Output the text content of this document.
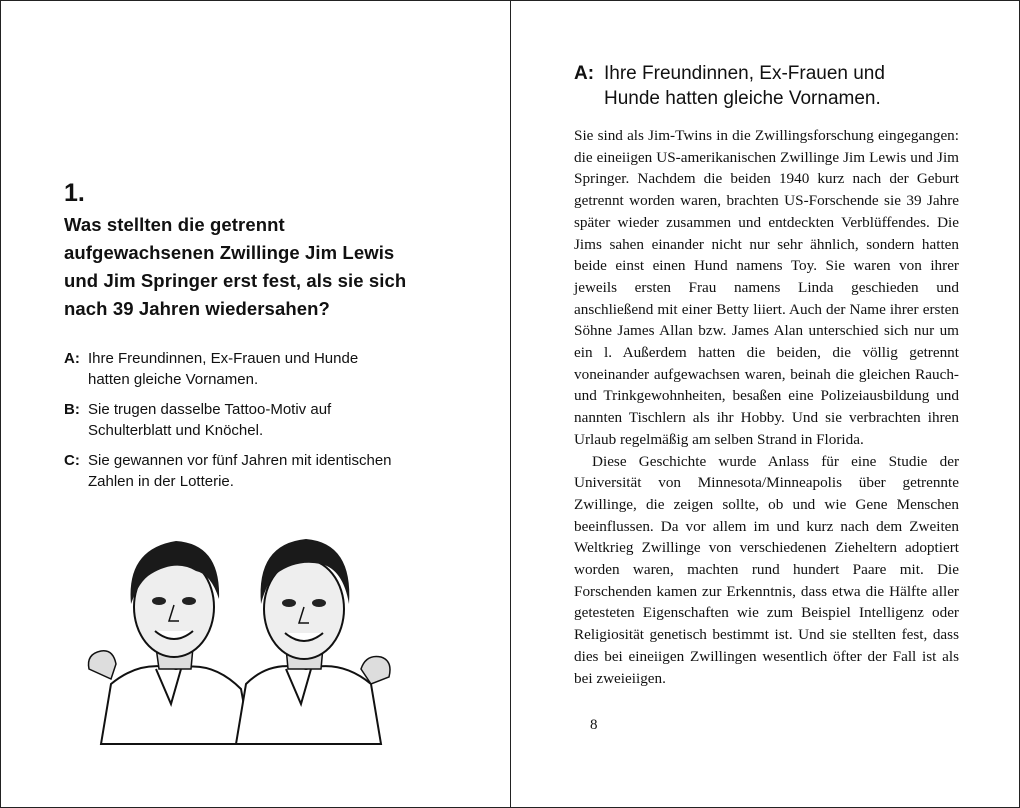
1.
Was stellten die getrennt aufgewachsenen Zwillinge Jim Lewis und Jim Springer erst fest, als sie sich nach 39 Jahren wiedersahen?
A: Ihre Freundinnen, Ex-Frauen und Hunde hatten gleiche Vornamen.
B: Sie trugen dasselbe Tattoo-Motiv auf Schulterblatt und Knöchel.
C: Sie gewannen vor fünf Jahren mit identischen Zahlen in der Lotterie.
A: Ihre Freundinnen, Ex-Frauen und
Hunde hatten gleiche Vornamen.

Sie sind als Jim-Twins in die Zwillingsforschung eingegangen: die eineiigen US-amerikanischen Zwillinge Jim Lewis und Jim Springer. Nachdem die beiden 1940 kurz nach der Geburt getrennt worden waren, brachten US-Forschende sie 39 Jahre später wieder zusammen und entdeckten Verblüffendes. Die Jims sahen einander nicht nur sehr ähnlich, sondern hatten beide einst einen Hund namens Toy. Sie waren von ihrer jeweils ersten Frau namens Linda geschieden und anschließend mit einer Betty liiert. Auch der Name ihrer ersten Söhne James Allan bzw. James Alan unterschied sich nur um ein l. Außerdem hatten die beiden, die völlig getrennt voneinander aufgewachsen waren, beinah die gleichen Rauch- und Trinkgewohnheiten, besaßen eine Polizeiausbildung und nannten Tischlern als ihr Hobby. Und sie verbrachten ihren Urlaub regelmäßig am selben Strand in Florida.

Diese Geschichte wurde Anlass für eine Studie der Universität von Minnesota/Minneapolis über getrennte Zwillinge, die zeigen sollte, ob und wie Gene Menschen beeinflussen. Da vor allem im und kurz nach dem Zweiten Weltkrieg Zwillinge von verschiedenen Zieheltern adoptiert worden waren, machten rund hundert Paare mit. Die Forschenden kamen zur Erkenntnis, dass etwa die Hälfte aller getesteten Eigenschaften wie zum Beispiel Intelligenz oder Religiosität genetisch bestimmt ist. Und sie stellten fest, dass dies bei eineiigen Zwillingen wesentlich öfter der Fall ist als bei zweieiigen.

8
